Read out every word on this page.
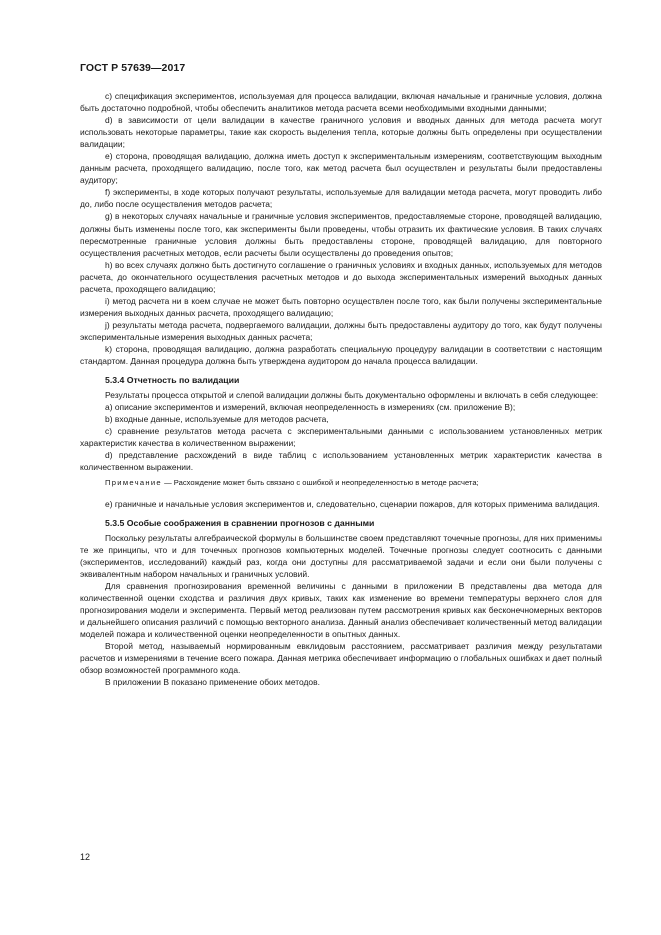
ГОСТ Р 57639—2017

c) спецификация экспериментов, используемая для процесса валидации, включая начальные и граничные условия, должна быть достаточно подробной, чтобы обеспечить аналитиков метода расчета всеми необходимыми входными данными;

d) в зависимости от цели валидации в качестве граничного условия и вводных данных для метода расчета могут использовать некоторые параметры, такие как скорость выделения тепла, которые должны быть определены при осуществлении валидации;

e) сторона, проводящая валидацию, должна иметь доступ к экспериментальным измерениям, соответствующим выходным данным расчета, проходящего валидацию, после того, как метод расчета был осуществлен и результаты были предоставлены аудитору;

f) эксперименты, в ходе которых получают результаты, используемые для валидации метода расчета, могут проводить либо до, либо после осуществления методов расчета;

g) в некоторых случаях начальные и граничные условия экспериментов, предоставляемые стороне, проводящей валидацию, должны быть изменены после того, как эксперименты были проведены, чтобы отразить их фактические условия. В таких случаях пересмотренные граничные условия должны быть предоставлены стороне, проводящей валидацию, для повторного осуществления расчетных методов, если расчеты были осуществлены до проведения опытов;

h) во всех случаях должно быть достигнуто соглашение о граничных условиях и входных данных, используемых для методов расчета, до окончательного осуществления расчетных методов и до выхода экспериментальных измерений выходных данных расчета, проходящего валидацию;

i) метод расчета ни в коем случае не может быть повторно осуществлен после того, как были получены экспериментальные измерения выходных данных расчета, проходящего валидацию;

j) результаты метода расчета, подвергаемого валидации, должны быть предоставлены аудитору до того, как будут получены экспериментальные измерения выходных данных расчета;

k) сторона, проводящая валидацию, должна разработать специальную процедуру валидации в соответствии с настоящим стандартом. Данная процедура должна быть утверждена аудитором до начала процесса валидации.

5.3.4 Отчетность по валидации

Результаты процесса открытой и слепой валидации должны быть документально оформлены и включать в себя следующее:

а) описание экспериментов и измерений, включая неопределенность в измерениях (см. приложение В);

b) входные данные, используемые для методов расчета,

c) сравнение результатов метода расчета с экспериментальными данными с использованием установленных метрик характеристик качества в количественном выражении;

d) представление расхождений в виде таблиц с использованием установленных метрик характеристик качества в количественном выражении.

Примечание — Расхождение может быть связано с ошибкой и неопределенностью в методе расчета;

e) граничные и начальные условия экспериментов и, следовательно, сценарии пожаров, для которых применима валидация.

5.3.5 Особые соображения в сравнении прогнозов с данными

Поскольку результаты алгебраической формулы в большинстве своем представляют точечные прогнозы, для них применимы те же принципы, что и для точечных прогнозов компьютерных моделей. Точечные прогнозы следует соотносить с данными (экспериментов, исследований) каждый раз, когда они доступны для рассматриваемой задачи и если они были получены с эквивалентным набором начальных и граничных условий.

Для сравнения прогнозирования временной величины с данными в приложении В представлены два метода для количественной оценки сходства и различия двух кривых, таких как изменение во времени температуры верхнего слоя для прогнозирования модели и эксперимента. Первый метод реализован путем рассмотрения кривых как бесконечномерных векторов и дальнейшего описания различий с помощью векторного анализа. Данный анализ обеспечивает количественный метод валидации моделей пожара и количественной оценки неопределенности в опытных данных.

Второй метод, называемый нормированным евклидовым расстоянием, рассматривает различия между результатами расчетов и измерениями в течение всего пожара. Данная метрика обеспечивает информацию о глобальных ошибках и дает полный обзор возможностей программного кода.

В приложении В показано применение обоих методов.

12
